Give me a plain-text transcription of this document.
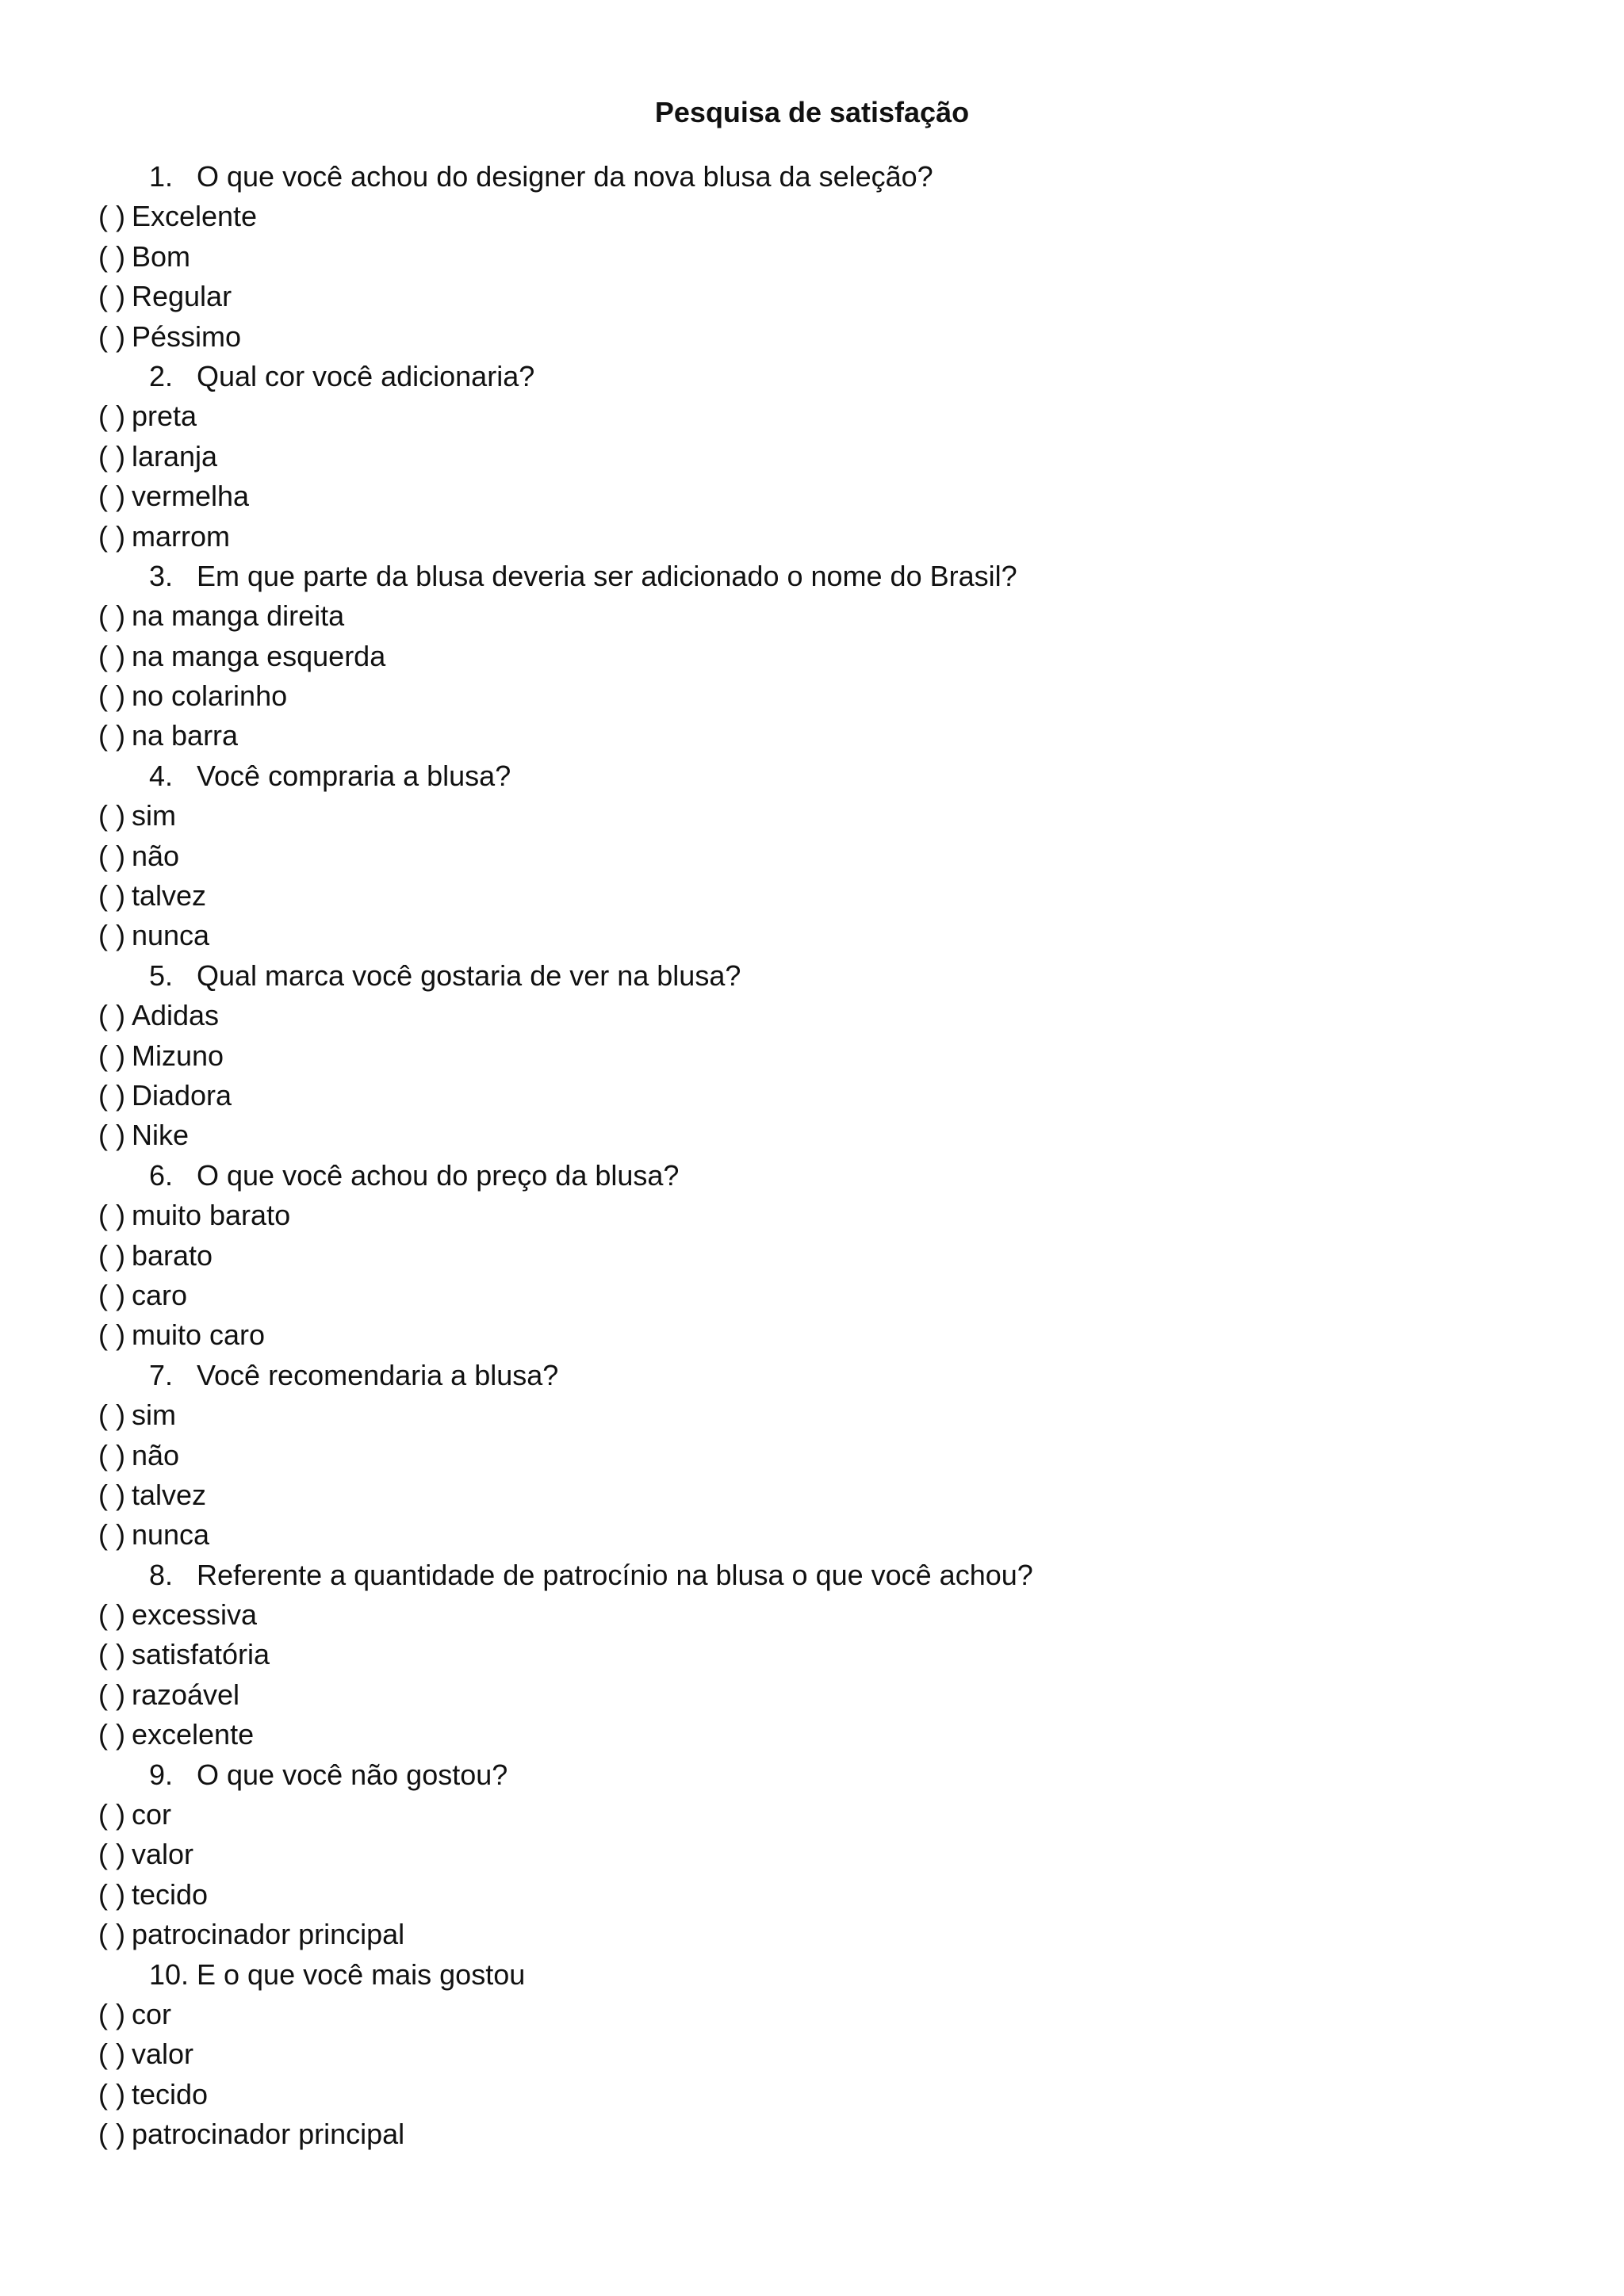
Pesquisa de satisfação

1. O que você achou do designer da nova blusa da seleção?

( ) Excelente
( ) Bom
( ) Regular
( ) Péssimo

2. Qual cor você adicionaria?

( ) preta
( ) laranja
( ) vermelha
( ) marrom

3. Em que parte da blusa deveria ser adicionado o nome do Brasil?

( ) na manga direita
( ) na manga esquerda
( ) no colarinho
( ) na barra

4. Você compraria a blusa?

( ) sim
( ) não
( ) talvez
( ) nunca

5. Qual marca você gostaria de ver na blusa?

( ) Adidas
( ) Mizuno
( ) Diadora
( ) Nike

6. O que você achou do preço da blusa?

( ) muito barato
( ) barato
( ) caro
( ) muito caro

7. Você recomendaria a blusa?

( ) sim
( ) não
( ) talvez
( ) nunca

8. Referente a quantidade de patrocínio na blusa o que você achou?

( ) excessiva
( ) satisfatória
( ) razoável
( ) excelente

9. O que você não gostou?

( ) cor
( ) valor
( ) tecido
( ) patrocinador principal

10. E o que você mais gostou

( ) cor
( ) valor
( ) tecido
( ) patrocinador principal
